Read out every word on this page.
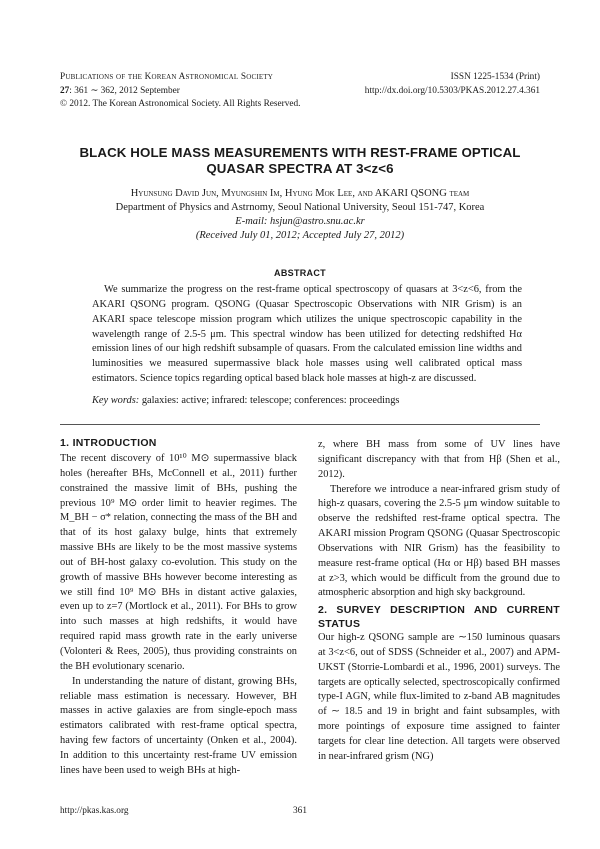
Publications of the Korean Astronomical Society
27: 361 ∼ 362, 2012 September
© 2012. The Korean Astronomical Society. All Rights Reserved.
ISSN 1225-1534 (Print)
http://dx.doi.org/10.5303/PKAS.2012.27.4.361
BLACK HOLE MASS MEASUREMENTS WITH REST-FRAME OPTICAL
QUASAR SPECTRA AT 3<z<6
Hyunsung David Jun, Myungshin Im, Hyung Mok Lee, and AKARI QSONG team
Department of Physics and Astrnomy, Seoul National University, Seoul 151-747, Korea
E-mail: hsjun@astro.snu.ac.kr
(Received July 01, 2012; Accepted July 27, 2012)
ABSTRACT
We summarize the progress on the rest-frame optical spectroscopy of quasars at 3<z<6, from the AKARI QSONG program. QSONG (Quasar Spectroscopic Observations with NIR Grism) is an AKARI space telescope mission program which utilizes the unique spectroscopic capability in the wavelength range of 2.5-5 μm. This spectral window has been utilized for detecting redshifted Hα emission lines of our high redshift subsample of quasars. From the calculated emission line widths and luminosities we measured supermassive black hole masses using well calibrated optical mass estimators. Science topics regarding optical based black hole masses at high-z are discussed.
Key words: galaxies: active; infrared: telescope; conferences: proceedings
1. INTRODUCTION

The recent discovery of 10¹⁰ M⊙ supermassive black holes (hereafter BHs, McConnell et al., 2011) further constrained the massive limit of BHs, pushing the previous 10⁹ M⊙ order limit to heavier regimes. The M_BH − σ* relation, connecting the mass of the BH and that of its host galaxy bulge, hints that extremely massive BHs are likely to be the most massive systems out of BH-host galaxy co-evolution. This study on the growth of massive BHs however become interesting as we still find 10⁹ M⊙ BHs in distant active galaxies, even up to z=7 (Mortlock et al., 2011). For BHs to grow into such masses at high redshifts, it would have required rapid mass growth rate in the early universe (Volonteri & Rees, 2005), thus providing constraints on the BH evolutionary scenario.

In understanding the nature of distant, growing BHs, reliable mass estimation is necessary. However, BH masses in active galaxies are from single-epoch mass estimators calibrated with rest-frame optical spectra, having few factors of uncertainty (Onken et al., 2004). In addition to this uncertainty rest-frame UV emission lines have been used to weigh BHs at high-

z, where BH mass from some of UV lines have significant discrepancy with that from Hβ (Shen et al., 2012).

Therefore we introduce a near-infrared grism study of high-z quasars, covering the 2.5-5 μm window suitable to observe the redshifted rest-frame optical spectra. The AKARI mission Program QSONG (Quasar Spectroscopic Observations with NIR Grism) has the feasibility to measure rest-frame optical (Hα or Hβ) based BH masses at z>3, which would be difficult from the ground due to atmospheric absorption and high sky background.

2. SURVEY DESCRIPTION AND CURRENT STATUS

Our high-z QSONG sample are ∼150 luminous quasars at 3<z<6, out of SDSS (Schneider et al., 2007) and APM-UKST (Storrie-Lombardi et al., 1996, 2001) surveys. The targets are optically selected, spectroscopically confirmed type-I AGN, while flux-limited to z-band AB magnitudes of ∼ 18.5 and 19 in bright and faint subsamples, with more pointings of exposure time assigned to fainter targets for clear line detection. All targets were observed in near-infrared grism (NG)

http://pkas.kas.org	361
